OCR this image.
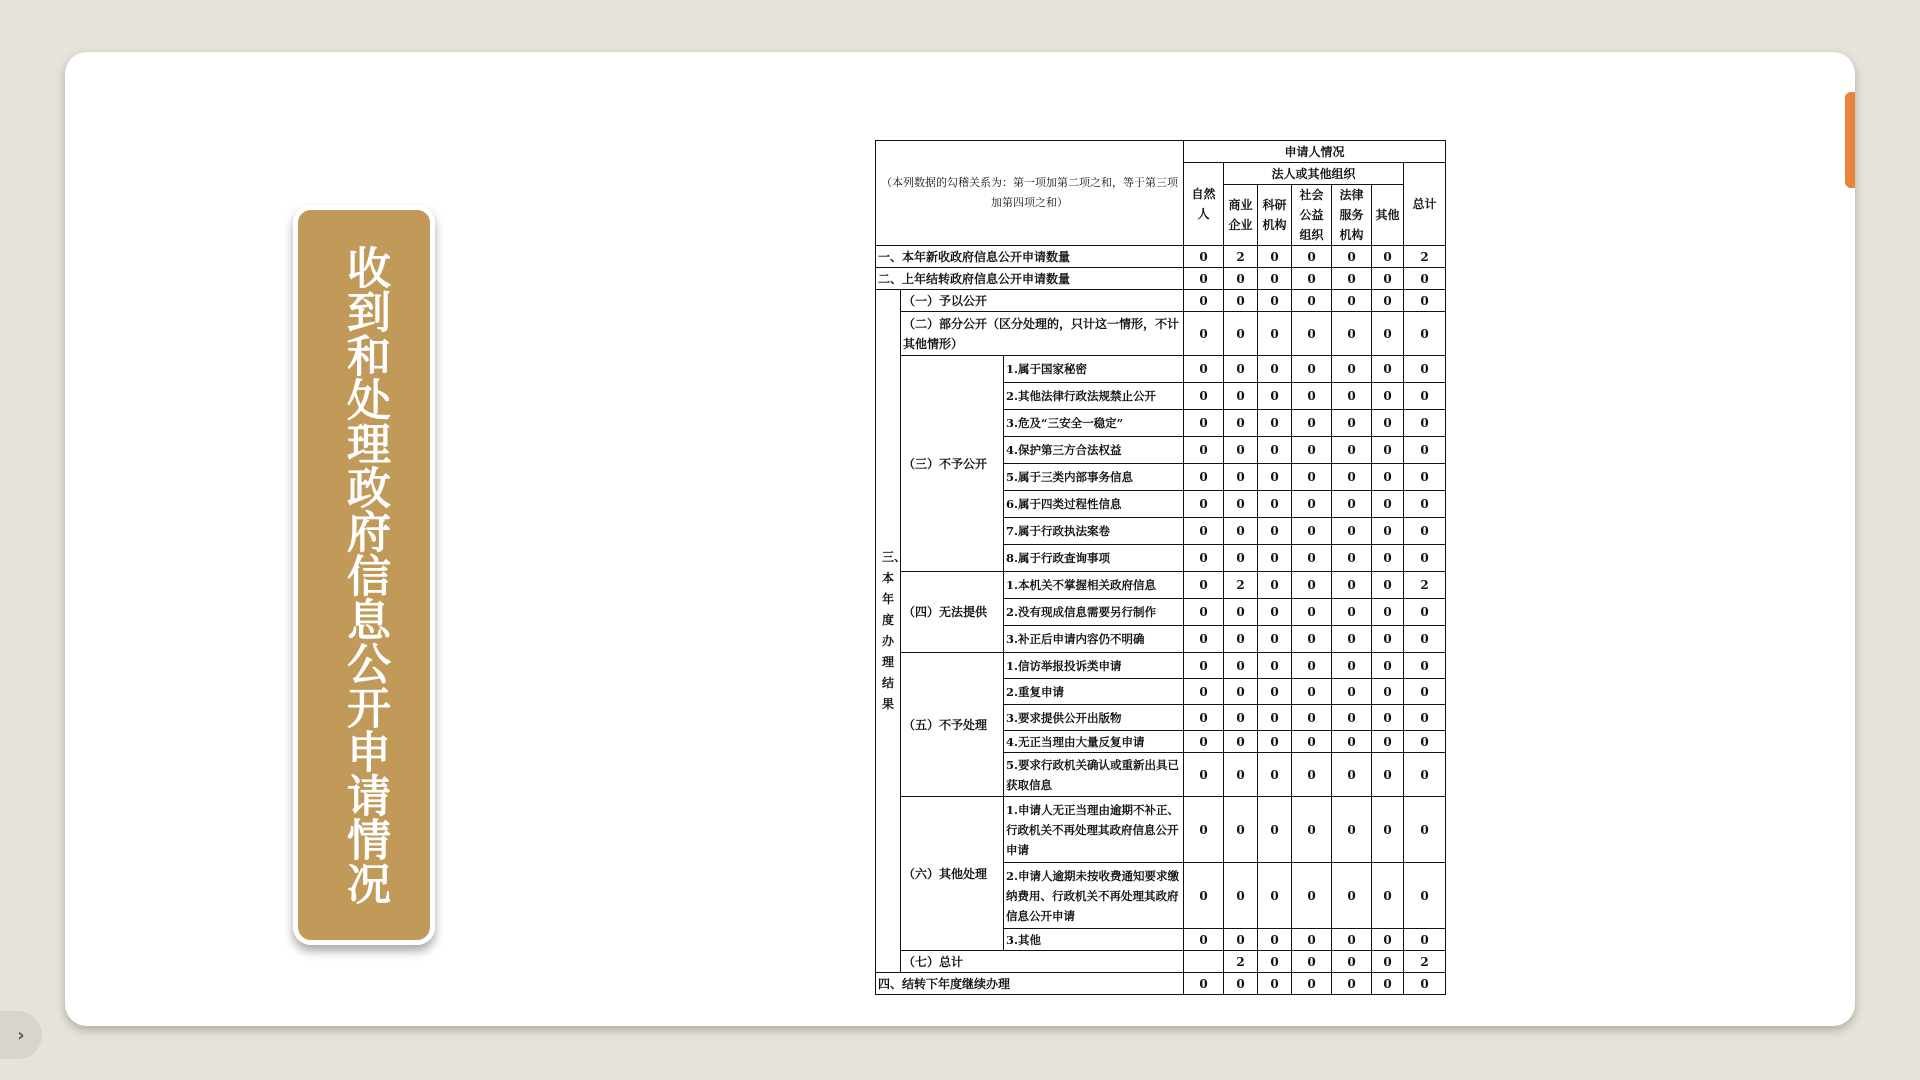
收到和处理政府信息公开申请情况
（本列数据的勾稽关系为：第一项加第二项之和，等于第三项加第四项之和）			申请人情况						
			自然人	法人或其他组织					总计
				商业企业	科研机构	社会公益组织	法律服务机构	其他	

一、本年新收政府信息公开申请数量			0	2	0	0	0	0	2
二、上年结转政府信息公开申请数量			0	0	0	0	0	0	0

三、本年度办理结果	（一）予以公开		0	0	0	0	0	0	0
	（二）部分公开（区分处理的，只计这一情形，不计其他情形）		0	0	0	0	0	0	0
	（三）不予公开	1.属于国家秘密	0	0	0	0	0	0	0
		2.其他法律行政法规禁止公开	0	0	0	0	0	0	0
		3.危及“三安全一稳定”	0	0	0	0	0	0	0
		4.保护第三方合法权益	0	0	0	0	0	0	0
		5.属于三类内部事务信息	0	0	0	0	0	0	0
		6.属于四类过程性信息	0	0	0	0	0	0	0
		7.属于行政执法案卷	0	0	0	0	0	0	0
		8.属于行政查询事项	0	0	0	0	0	0	0
	（四）无法提供	1.本机关不掌握相关政府信息	0	2	0	0	0	0	2
		2.没有现成信息需要另行制作	0	0	0	0	0	0	0
		3.补正后申请内容仍不明确	0	0	0	0	0	0	0
	（五）不予处理	1.信访举报投诉类申请	0	0	0	0	0	0	0
		2.重复申请	0	0	0	0	0	0	0
		3.要求提供公开出版物	0	0	0	0	0	0	0
		4.无正当理由大量反复申请	0	0	0	0	0	0	0
		5.要求行政机关确认或重新出具已获取信息	0	0	0	0	0	0	0
	（六）其他处理	1.申请人无正当理由逾期不补正、行政机关不再处理其政府信息公开申请	0	0	0	0	0	0	0
		2.申请人逾期未按收费通知要求缴纳费用、行政机关不再处理其政府信息公开申请	0	0	0	0	0	0	0
		3.其他	0	0	0	0	0	0	0
	（七）总计			2	0	0	0	0	2
四、结转下年度继续办理			0	0	0	0	0	0	0
›
